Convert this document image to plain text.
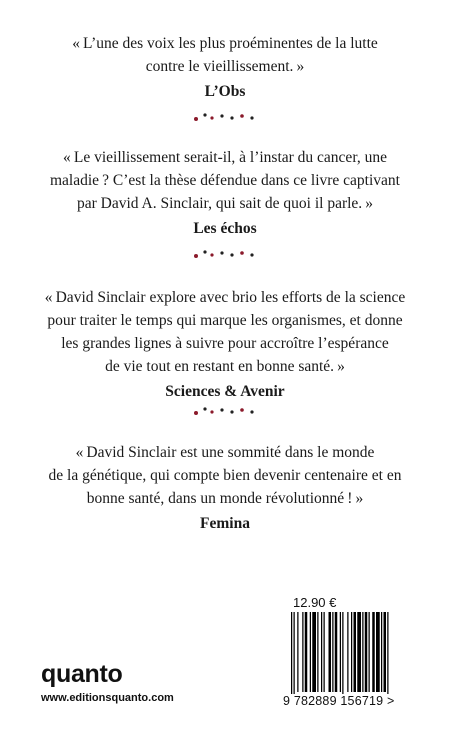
« L’une des voix les plus proéminentes de la lutte
contre le vieillissement. »
L’Obs
« Le vieillissement serait-il, à l’instar du cancer, une
maladie ? C’est la thèse défendue dans ce livre captivant
par David A. Sinclair, qui sait de quoi il parle. »
Les échos
« David Sinclair explore avec brio les efforts de la science
pour traiter le temps qui marque les organismes, et donne
les grandes lignes à suivre pour accroître l’espérance
de vie tout en restant en bonne santé. »
Sciences & Avenir
« David Sinclair est une sommité dans le monde
de la génétique, qui compte bien devenir centenaire et en
bonne santé, dans un monde révolutionné ! »
Femina
12.90 €
9 782889 156719 >
quanto
www.editionsquanto.com
